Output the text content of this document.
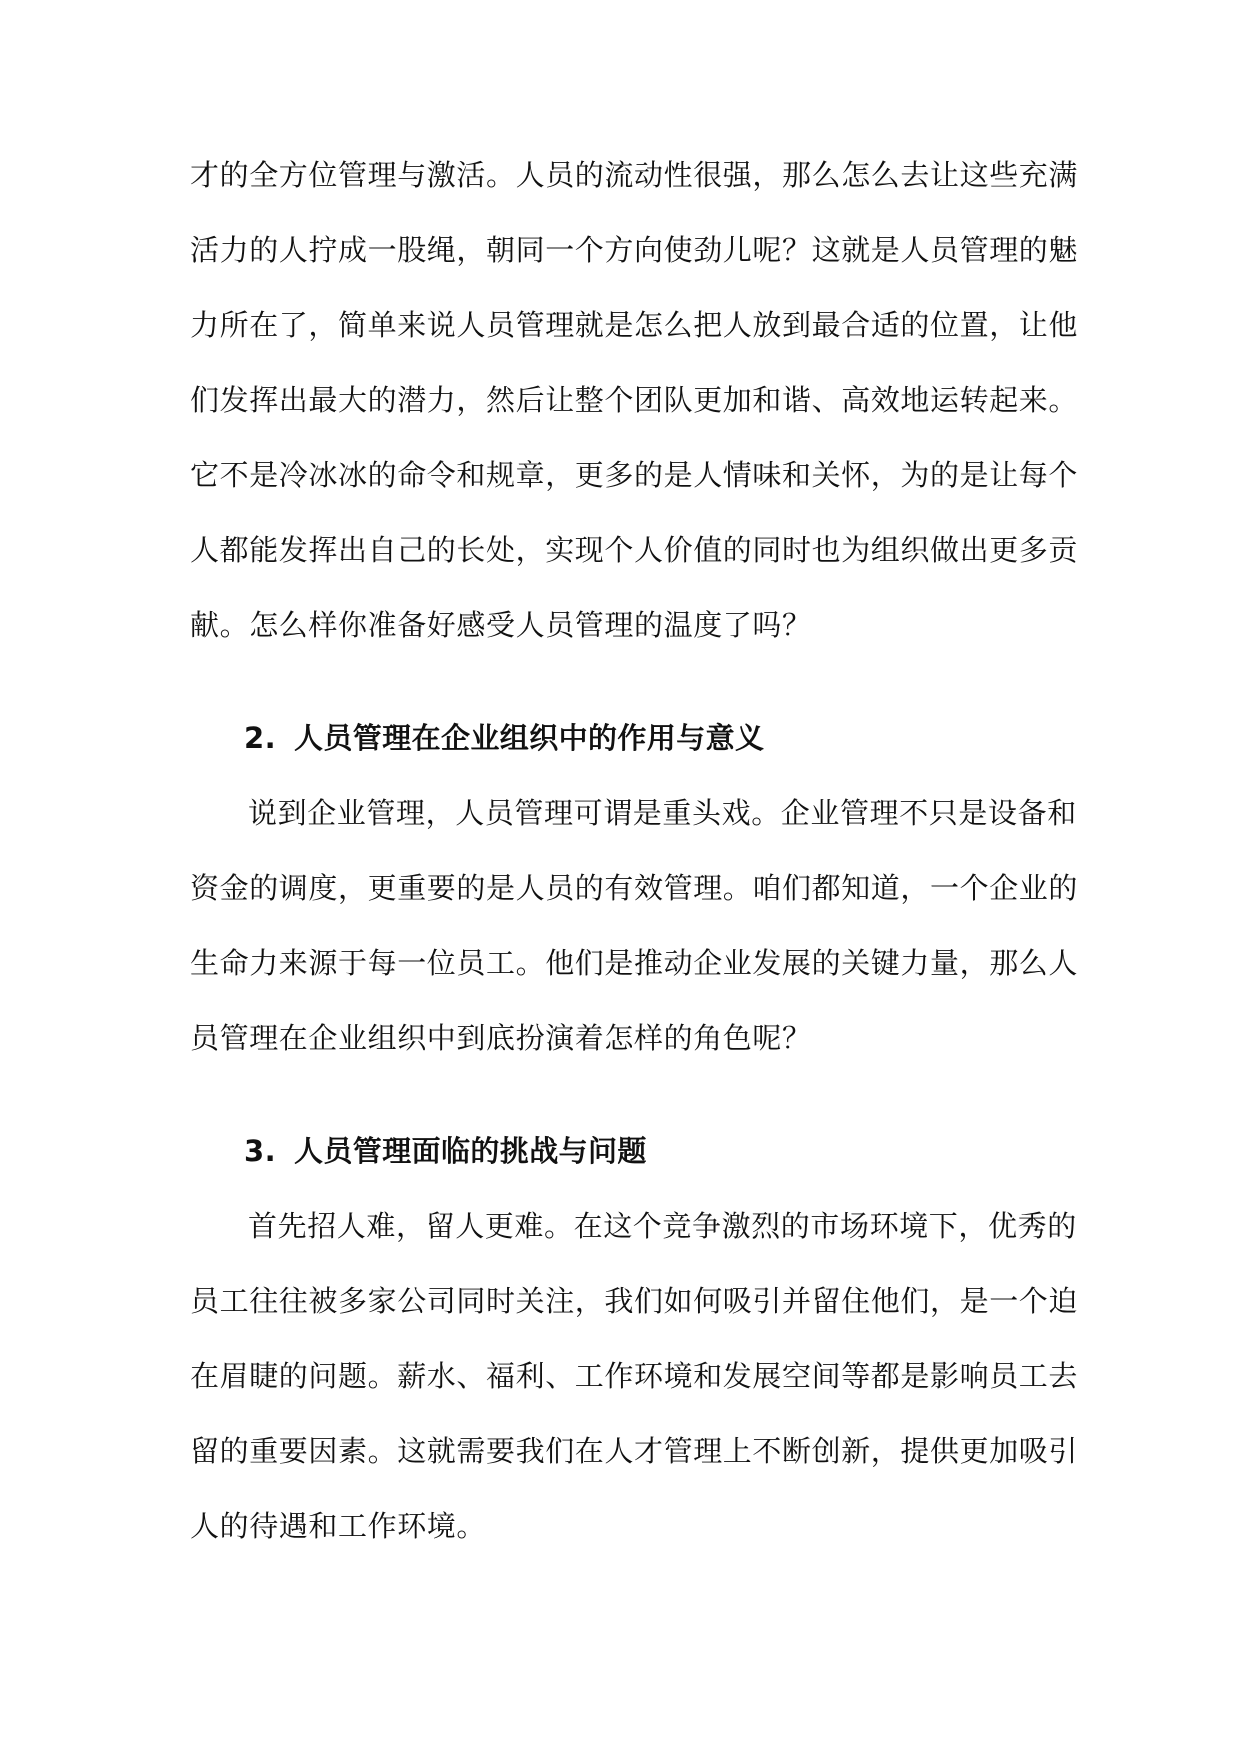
才的全方位管理与激活。人员的流动性很强，那么怎么去让这些充满
活力的人拧成一股绳，朝同一个方向使劲儿呢？这就是人员管理的魅
力所在了，简单来说人员管理就是怎么把人放到最合适的位置，让他
们发挥出最大的潜力，然后让整个团队更加和谐、高效地运转起来。
它不是冷冰冰的命令和规章，更多的是人情味和关怀，为的是让每个
人都能发挥出自己的长处，实现个人价值的同时也为组织做出更多贡
献。怎么样你准备好感受人员管理的温度了吗？
2. 人员管理在企业组织中的作用与意义
说到企业管理，人员管理可谓是重头戏。企业管理不只是设备和
资金的调度，更重要的是人员的有效管理。咱们都知道，一个企业的
生命力来源于每一位员工。他们是推动企业发展的关键力量，那么人
员管理在企业组织中到底扮演着怎样的角色呢？
3. 人员管理面临的挑战与问题
首先招人难，留人更难。在这个竞争激烈的市场环境下，优秀的
员工往往被多家公司同时关注，我们如何吸引并留住他们，是一个迫
在眉睫的问题。薪水、福利、工作环境和发展空间等都是影响员工去
留的重要因素。这就需要我们在人才管理上不断创新，提供更加吸引
人的待遇和工作环境。
